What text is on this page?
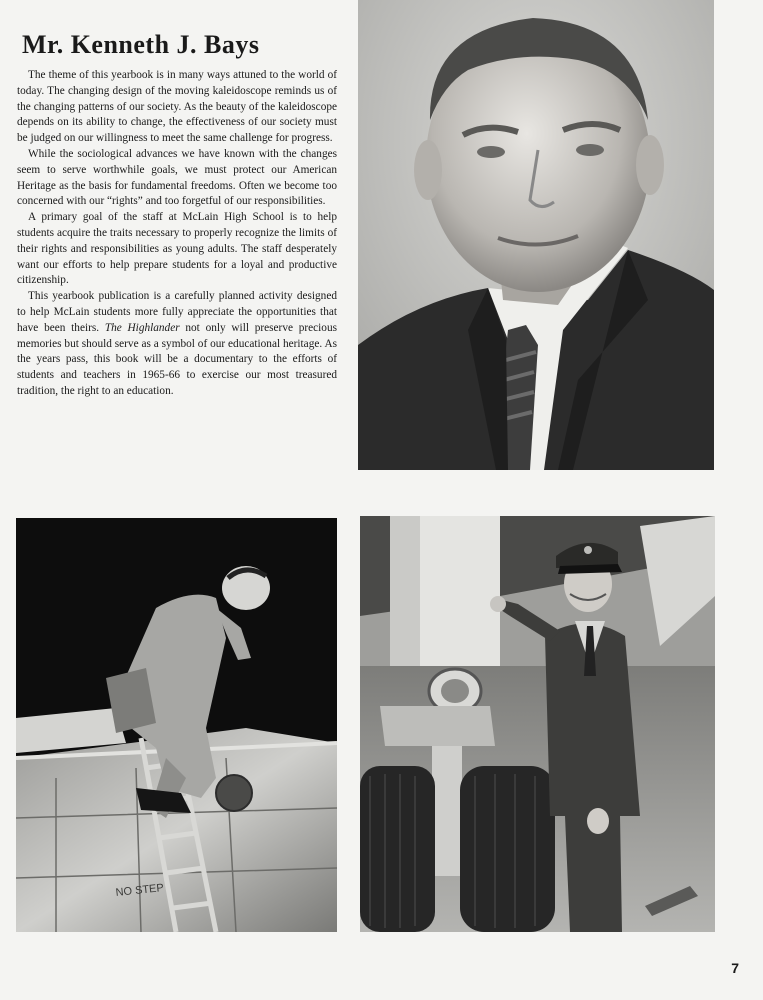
Mr. Kenneth J. Bays

The theme of this yearbook is in many ways attuned to the world of today. The changing design of the moving kaleidoscope reminds us of the changing patterns of our society. As the beauty of the kaleidoscope depends on its ability to change, the effectiveness of our society must be judged on our willingness to meet the same challenge for progress.

While the sociological advances we have known with the changes seem to serve worthwhile goals, we must protect our American Heritage as the basis for fundamental freedoms. Often we become too concerned with our “rights” and too forgetful of our responsibilities.

A primary goal of the staff at McLain High School is to help students acquire the traits necessary to properly recognize the limits of their rights and responsibilities as young adults. The staff desperately want our efforts to help prepare students for a loyal and productive citizenship.

This yearbook publication is a carefully planned activity designed to help McLain students more fully appreciate the opportunities that have been theirs. The Highlander not only will preserve precious memories but should serve as a symbol of our educational heritage. As the years pass, this book will be a documentary to the efforts of students and teachers in 1965-66 to exercise our most treasured tradition, the right to an education.

NO STEP
7
